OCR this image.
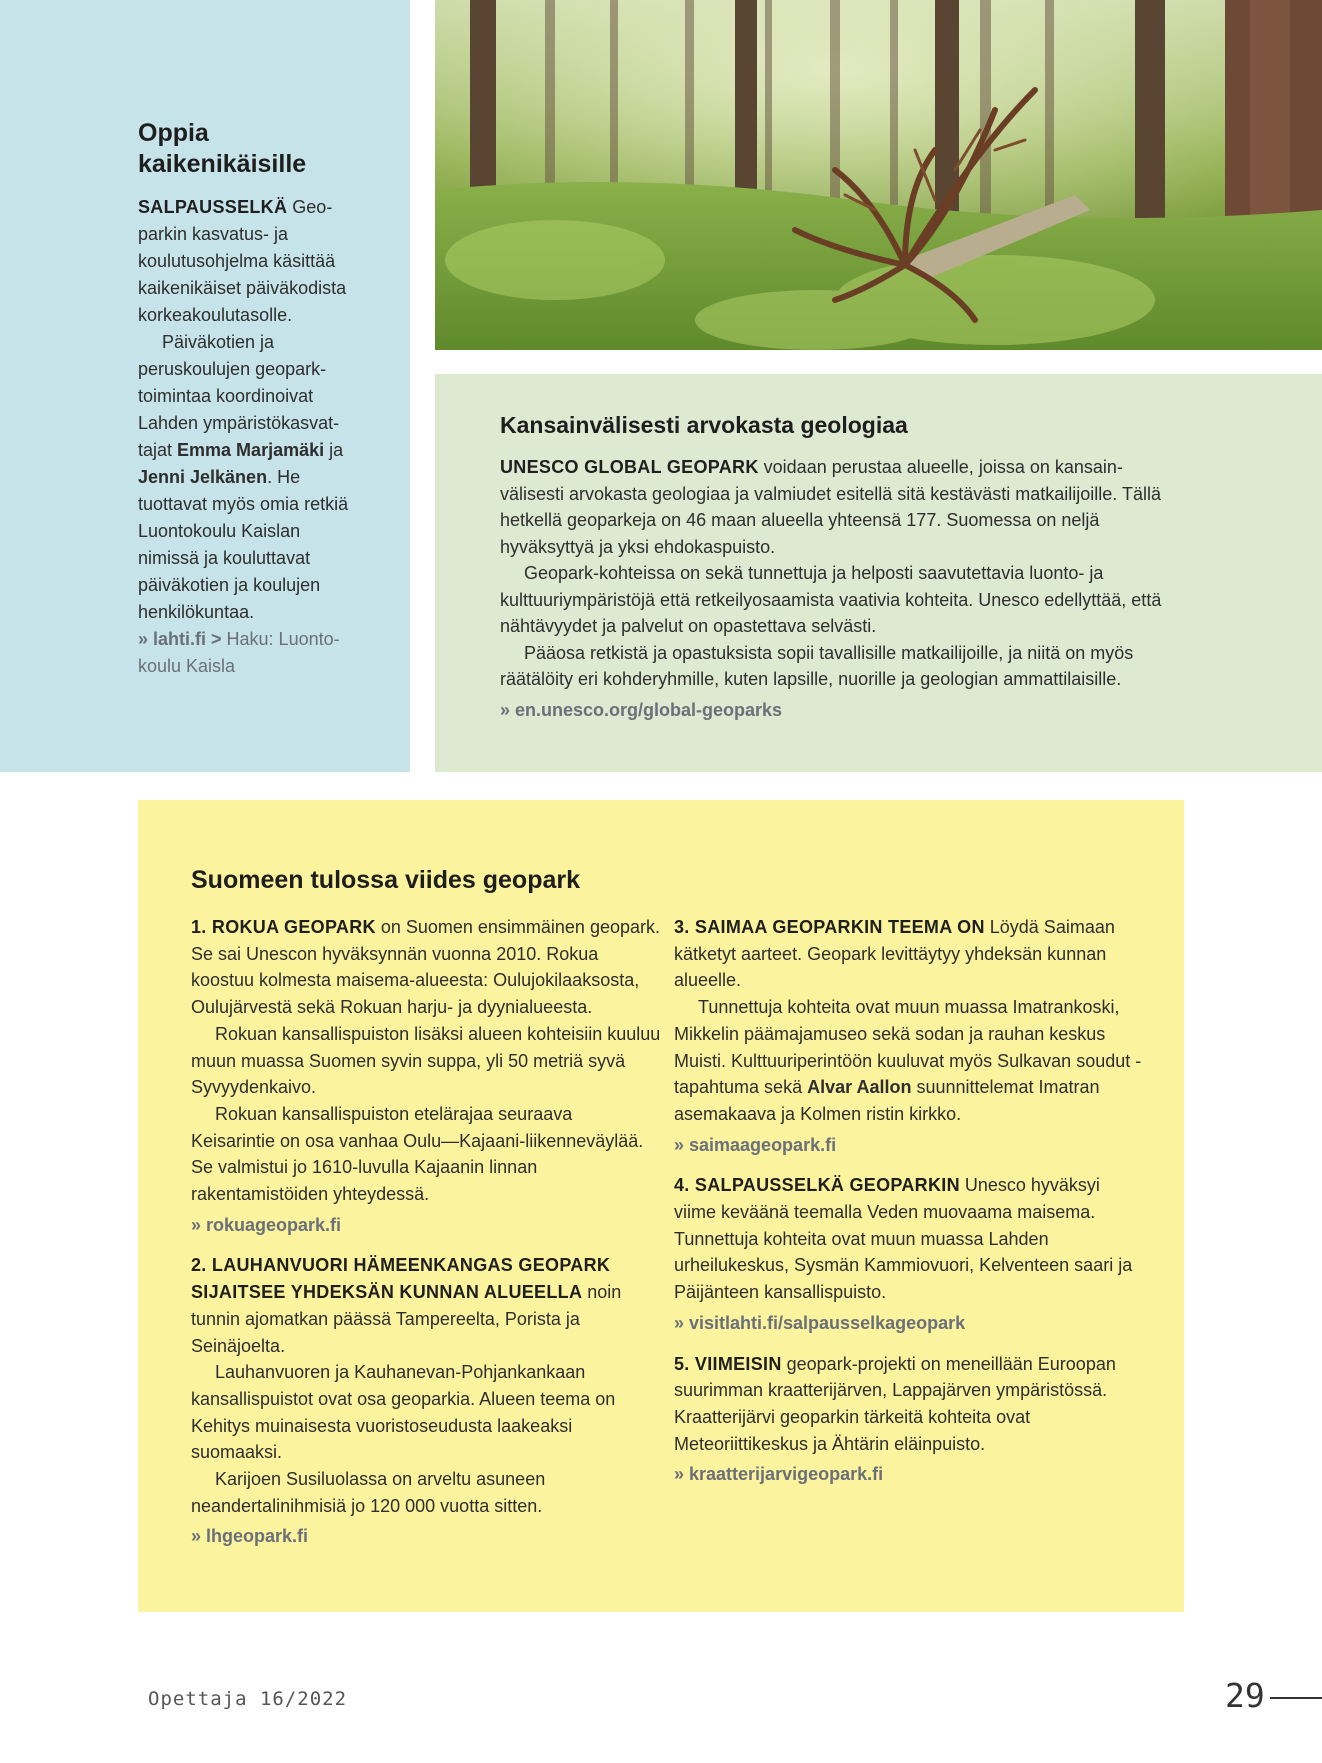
Oppia kaikenikäisille

SALPAUSSELKÄ Geoparkin kasvatus- ja koulutusohjelma käsittää kaikenikäiset päiväkodista korkeakoulutasolle.

Päiväkotien ja peruskoulujen geoparktoimintaa koordinoivat Lahden ympäristökasvattajat Emma Marjamäki ja Jenni Jelkänen. He tuottavat myös omia retkiä Luontokoulu Kaislan nimissä ja kouluttavat päiväkotien ja koulujen henkilökuntaa.

» lahti.fi > Haku: Luontokoulu Kaisla

Kansainvälisesti arvokasta geologiaa

UNESCO GLOBAL GEOPARK voidaan perustaa alueelle, joissa on kansainvälisesti arvokasta geologiaa ja valmiudet esitellä sitä kestävästi matkailijoille. Tällä hetkellä geoparkeja on 46 maan alueella yhteensä 177. Suomessa on neljä hyväksyttyä ja yksi ehdokaspuisto.

Geopark-kohteissa on sekä tunnettuja ja helposti saavutettavia luonto- ja kulttuuriympäristöjä että retkeilyosaamista vaativia kohteita. Unesco edellyttää, että nähtävyydet ja palvelut on opastettava selvästi.

Pääosa retkistä ja opastuksista sopii tavallisille matkailijoille, ja niitä on myös räätälöity eri kohderyhmille, kuten lapsille, nuorille ja geologian ammattilaisille.

» en.unesco.org/global-geoparks

Suomeen tulossa viides geopark

1. ROKUA GEOPARK on Suomen ensimmäinen geopark. Se sai Unescon hyväksynnän vuonna 2010. Rokua koostuu kolmesta maisema-alueesta: Oulujokilaaksosta, Oulujärvestä sekä Rokuan harju- ja dyynialueesta.

Rokuan kansallispuiston lisäksi alueen kohteisiin kuuluu muun muassa Suomen syvin suppa, yli 50 metriä syvä Syvyydenkaivo.

Rokuan kansallispuiston etelärajaa seuraava Keisarintie on osa vanhaa Oulu—Kajaani-liikenneväylää. Se valmistui jo 1610-luvulla Kajaanin linnan rakentamistöiden yhteydessä.

» rokuageopark.fi

2. LAUHANVUORI HÄMEENKANGAS GEOPARK SIJAITSEE YHDEKSÄN KUNNAN ALUEELLA noin tunnin ajomatkan päässä Tampereelta, Porista ja Seinäjoelta.

Lauhanvuoren ja Kauhanevan-Pohjankankaan kansallispuistot ovat osa geoparkia. Alueen teema on Kehitys muinaisesta vuoristoseudusta laakeaksi suomaaksi.

Karijoen Susiluolassa on arveltu asuneen neandertalinihmisiä jo 120 000 vuotta sitten.

» lhgeopark.fi

3. SAIMAA GEOPARKIN TEEMA ON Löydä Saimaan kätketyt aarteet. Geopark levittäytyy yhdeksän kunnan alueelle.

Tunnettuja kohteita ovat muun muassa Imatrankoski, Mikkelin päämajamuseo sekä sodan ja rauhan keskus Muisti. Kulttuuriperintöön kuuluvat myös Sulkavan soudut -tapahtuma sekä Alvar Aallon suunnittelemat Imatran asemakaava ja Kolmen ristin kirkko.

» saimaageopark.fi

4. SALPAUSSELKÄ GEOPARKIN Unesco hyväksyi viime keväänä teemalla Veden muovaama maisema. Tunnettuja kohteita ovat muun muassa Lahden urheilukeskus, Sysmän Kammiovuori, Kelventeen saari ja Päijänteen kansallispuisto.

» visitlahti.fi/salpausselkageopark

5. VIIMEISIN geopark-projekti on meneillään Euroopan suurimman kraatterijärven, Lappajärven ympäristössä. Kraatterijärvi geoparkin tärkeitä kohteita ovat Meteoriittikeskus ja Ähtärin eläinpuisto.

» kraatterijarvigeopark.fi

Opettaja 16/2022	29
